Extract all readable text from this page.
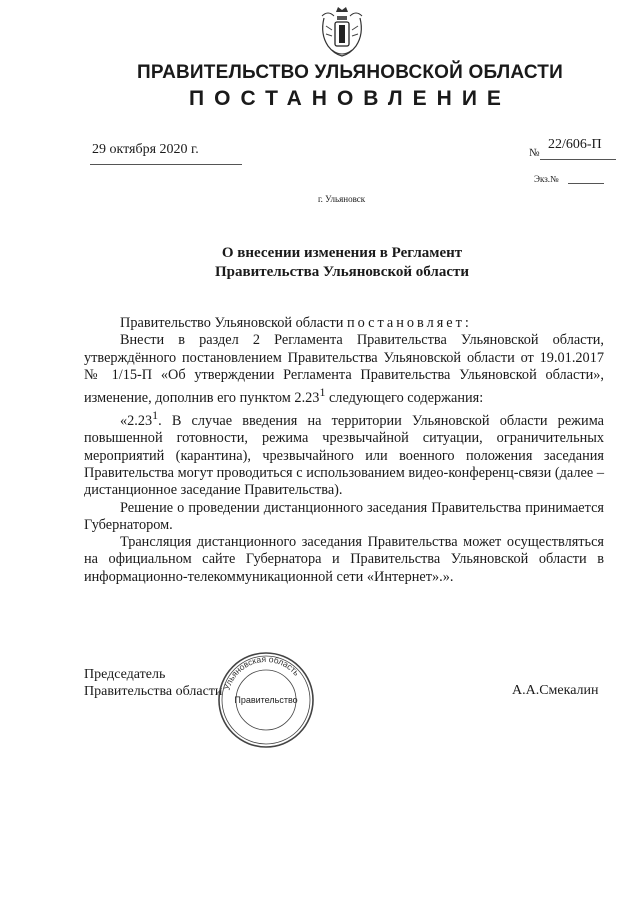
ПРАВИТЕЛЬСТВО УЛЬЯНОВСКОЙ ОБЛАСТИ
ПОСТАНОВЛЕНИЕ
29 октября 2020 г.	№
22/606-П
Экз.№
г. Ульяновск
О внесении изменения в Регламент
Правительства Ульяновской области

Правительство Ульяновской области постановляет:

Внести в раздел 2 Регламента Правительства Ульяновской области, утверждённого постановлением Правительства Ульяновской области от 19.01.2017 № 1/15-П «Об утверждении Регламента Правительства Ульяновской области», изменение, дополнив его пунктом 2.23$^1$ следующего содержания:

«2.23$^1$. В случае введения на территории Ульяновской области режима повышенной готовности, режима чрезвычайной ситуации, ограничительных мероприятий (карантина), чрезвычайного или военного положения заседания Правительства могут проводиться с использованием видео-конференц-связи (далее – дистанционное заседание Правительства).

Решение о проведении дистанционного заседания Правительства принимается Губернатором.

Трансляция дистанционного заседания Правительства может осуществляться на официальном сайте Губернатора и Правительства Ульяновской области в информационно-телекоммуникационной сети «Интернет».».

Председатель
Правительства области Ульяновская область
Правительство
А.А.Смекалин
